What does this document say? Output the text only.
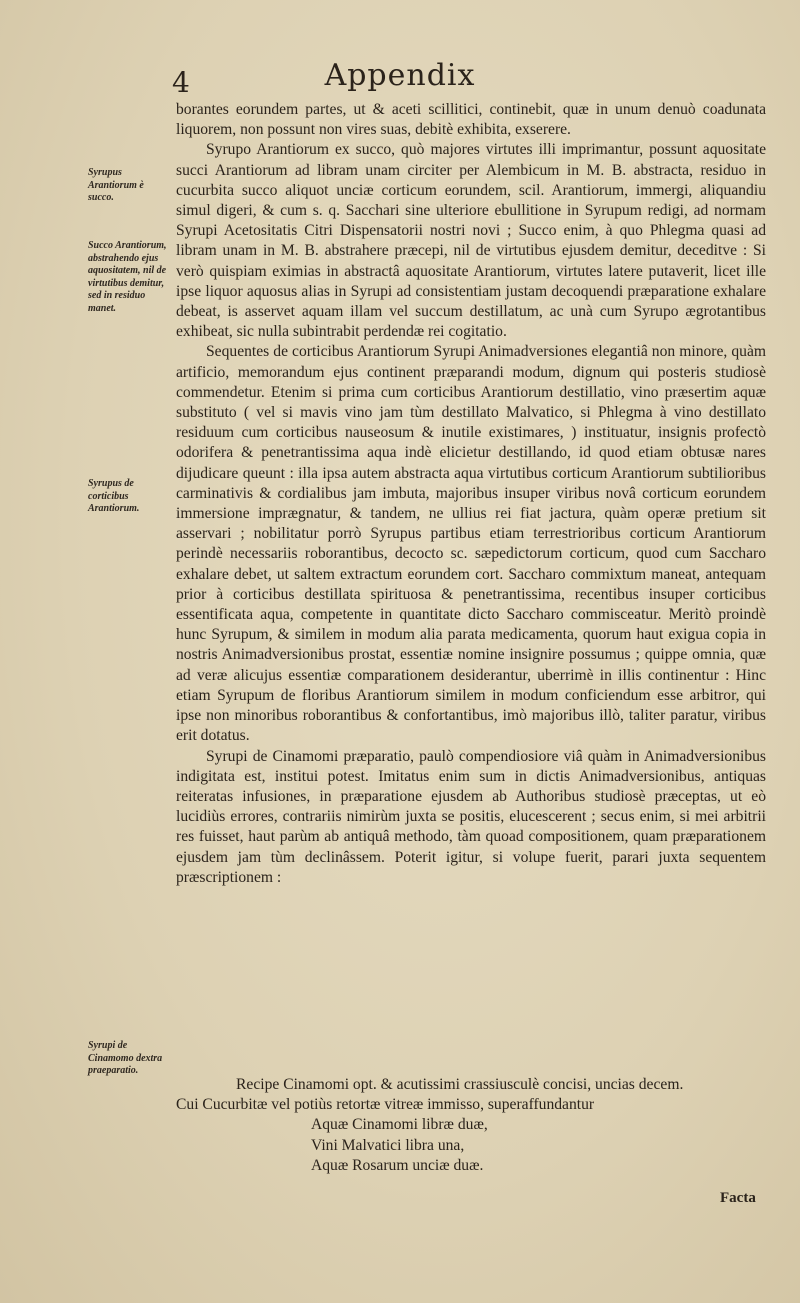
4	Appendix
Syrupus Arantiorum è succo.
Succo Arantiorum, abstrahendo ejus aquositatem, nil de virtutibus demitur, sed in residuo manet.
Syrupus de corticibus Arantiorum.
Syrupi de Cinamomo dextra praeparatio.

borantes eorundem partes, ut & aceti scillitici, continebit, quæ in unum denuò coadunata liquorem, non possunt non vires suas, debitè exhibita, exserere.

Syrupo Arantiorum ex succo, quò majores virtutes illi imprimantur, possunt aquositate succi Arantiorum ad libram unam circiter per Alembicum in M. B. abstracta, residuo in cucurbita succo aliquot unciæ corticum eorundem, scil. Arantiorum, immergi, aliquandiu simul digeri, & cum s. q. Sacchari sine ulteriore ebullitione in Syrupum redigi, ad normam Syrupi Acetositatis Citri Dispensatorii nostri novi ; Succo enim, à quo Phlegma quasi ad libram unam in M. B. abstrahere præcepi, nil de virtutibus ejusdem demitur, deceditve : Si verò quispiam eximias in abstractâ aquositate Arantiorum, virtutes latere putaverit, licet ille ipse liquor aquosus alias in Syrupi ad consistentiam justam decoquendi præparatione exhalare debeat, is asservet aquam illam vel succum destillatum, ac unà cum Syrupo ægrotantibus exhibeat, sic nulla subintrabit perdendæ rei cogitatio.

Sequentes de corticibus Arantiorum Syrupi Animadversiones elegantiâ non minore, quàm artificio, memorandum ejus continent præparandi modum, dignum qui posteris studiosè commendetur. Etenim si prima cum corticibus Arantiorum destillatio, vino præsertim aquæ substituto ( vel si mavis vino jam tùm destillato Malvatico, si Phlegma à vino destillato residuum cum corticibus nauseosum & inutile existimares, ) instituatur, insignis profectò odorifera & penetrantissima aqua indè elicietur destillando, id quod etiam obtusæ nares dijudicare queunt : illa ipsa autem abstracta aqua virtutibus corticum Arantiorum subtilioribus carminativis & cordialibus jam imbuta, majoribus insuper viribus novâ corticum eorundem immersione imprægnatur, & tandem, ne ullius rei fiat jactura, quàm operæ pretium sit asservari ; nobilitatur porrò Syrupus partibus etiam terrestrioribus corticum Arantiorum perindè necessariis roborantibus, decocto sc. sæpedictorum corticum, quod cum Saccharo exhalare debet, ut saltem extractum eorundem cort. Saccharo commixtum maneat, antequam prior à corticibus destillata spirituosa & penetrantissima, recentibus insuper corticibus essentificata aqua, competente in quantitate dicto Saccharo commisceatur. Meritò proindè hunc Syrupum, & similem in modum alia parata medicamenta, quorum haut exigua copia in nostris Animadversionibus prostat, essentiæ nomine insignire possumus ; quippe omnia, quæ ad veræ alicujus essentiæ comparationem desiderantur, uberrimè in illis continentur : Hinc etiam Syrupum de floribus Arantiorum similem in modum conficiendum esse arbitror, qui ipse non minoribus roborantibus & confortantibus, imò majoribus illò, taliter paratur, viribus erit dotatus.

Syrupi de Cinamomi præparatio, paulò compendiosiore viâ quàm in Animadversionibus indigitata est, institui potest. Imitatus enim sum in dictis Animadversionibus, antiquas reiteratas infusiones, in præparatione ejusdem ab Authoribus studiosè præceptas, ut eò lucidiùs errores, contrariis nimirùm juxta se positis, elucescerent ; secus enim, si mei arbitrii res fuisset, haut parùm ab antiquâ methodo, tàm quoad compositionem, quam præparationem ejusdem jam tùm declinâssem. Poterit igitur, si volupe fuerit, parari juxta sequentem præscriptionem :

Recipe Cinamomi opt. & acutissimi crassiusculè concisi, uncias decem.
Cui Cucurbitæ vel potiùs retortæ vitreæ immisso, superaffundantur
Aquæ Cinamomi libræ duæ,
Vini Malvatici libra una,
Aquæ Rosarum unciæ duæ.
Facta
